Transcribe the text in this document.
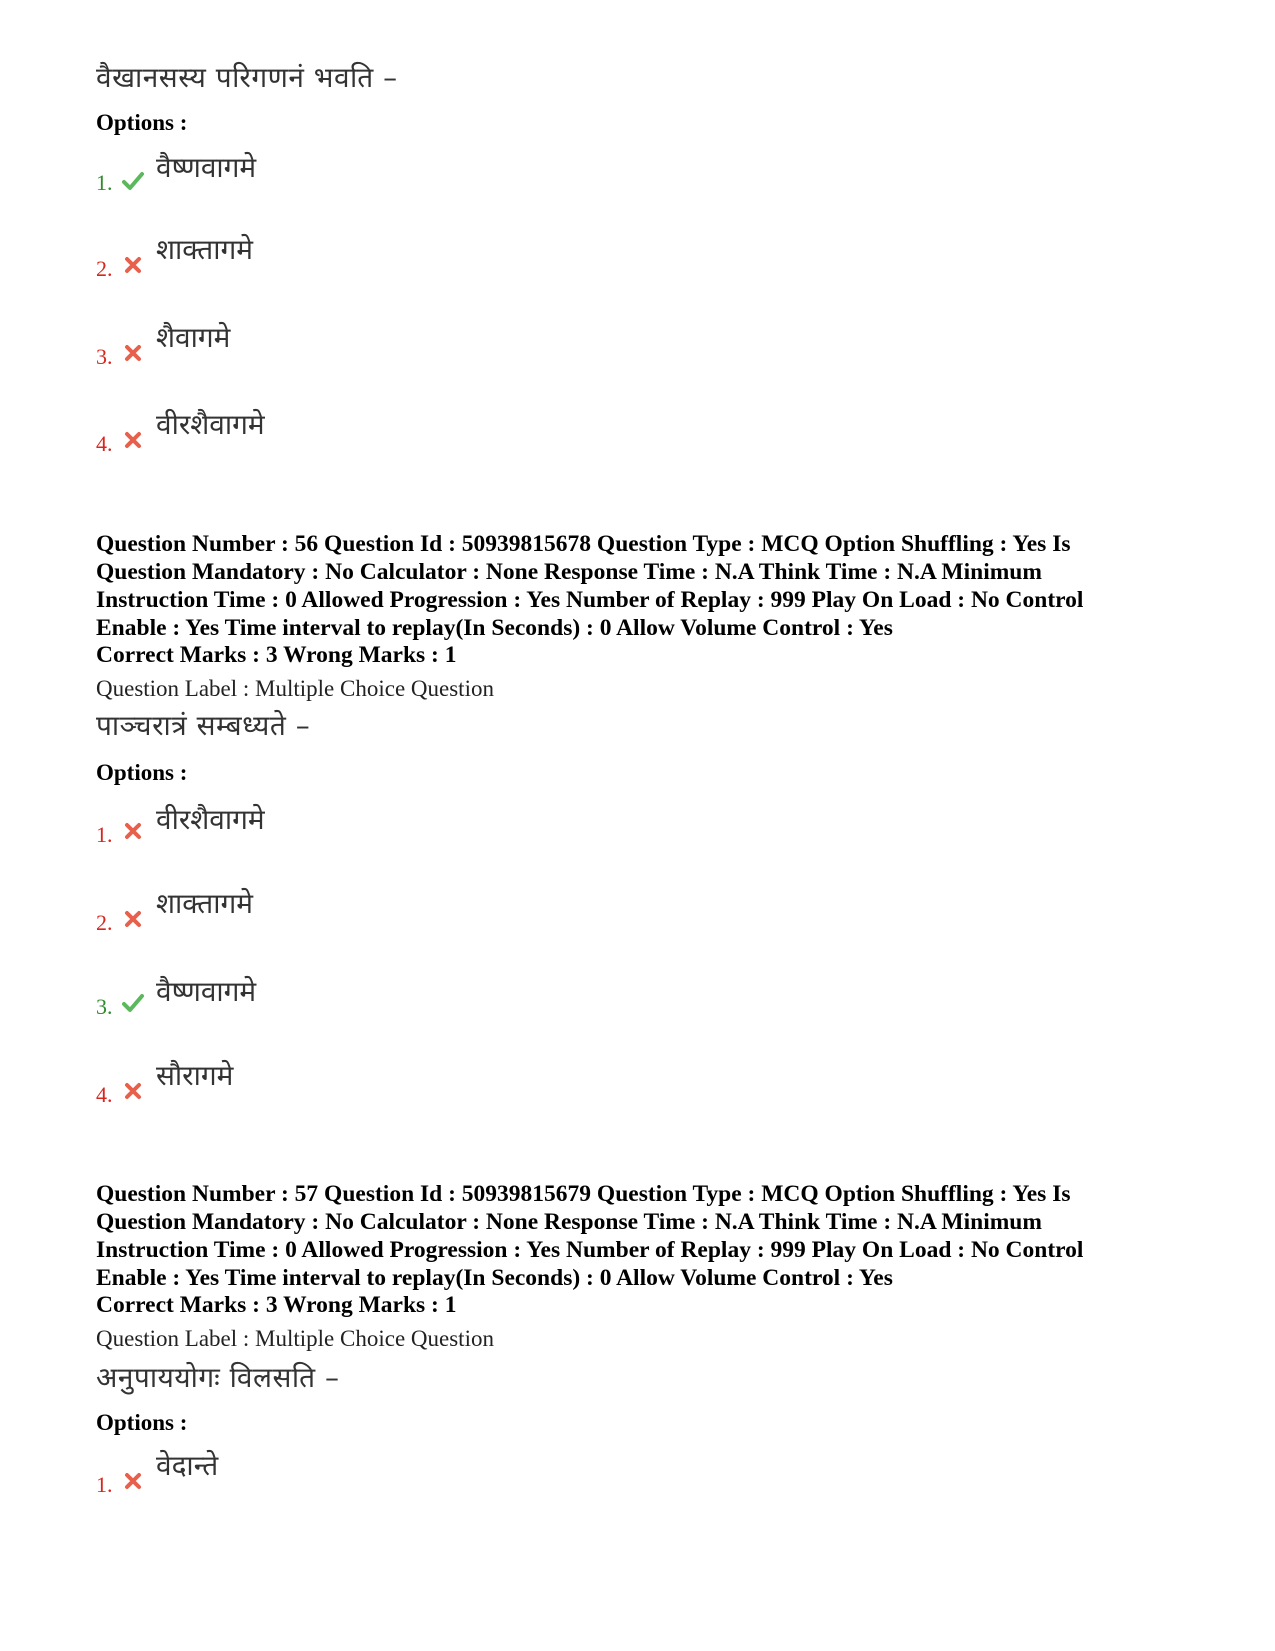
वैखानसस्य परिगणनं भवति –
Options :
1. वैष्णवागमे
2.
शाक्तागमे
3.
शैवागमे
4.
वीरशैवागमे
Question Number : 56 Question Id : 50939815678 Question Type : MCQ Option Shuffling : Yes Is
Question Mandatory : No Calculator : None Response Time : N.A Think Time : N.A Minimum
Instruction Time : 0 Allowed Progression : Yes Number of Replay : 999 Play On Load : No Control
Enable : Yes Time interval to replay(In Seconds) : 0 Allow Volume Control : Yes
Correct Marks : 3 Wrong Marks : 1
Question Label : Multiple Choice Question
पाञ्चरात्रं सम्बध्यते –
Options :
1. वीरशैवागमे
2.
शाक्तागमे
3. वैष्णवागमे
4.
सौरागमे
Question Number : 57 Question Id : 50939815679 Question Type : MCQ Option Shuffling : Yes Is
Question Mandatory : No Calculator : None Response Time : N.A Think Time : N.A Minimum
Instruction Time : 0 Allowed Progression : Yes Number of Replay : 999 Play On Load : No Control
Enable : Yes Time interval to replay(In Seconds) : 0 Allow Volume Control : Yes
Correct Marks : 3 Wrong Marks : 1
Question Label : Multiple Choice Question
अनुपाययोगः विलसति –
Options :
1.
वेदान्ते
